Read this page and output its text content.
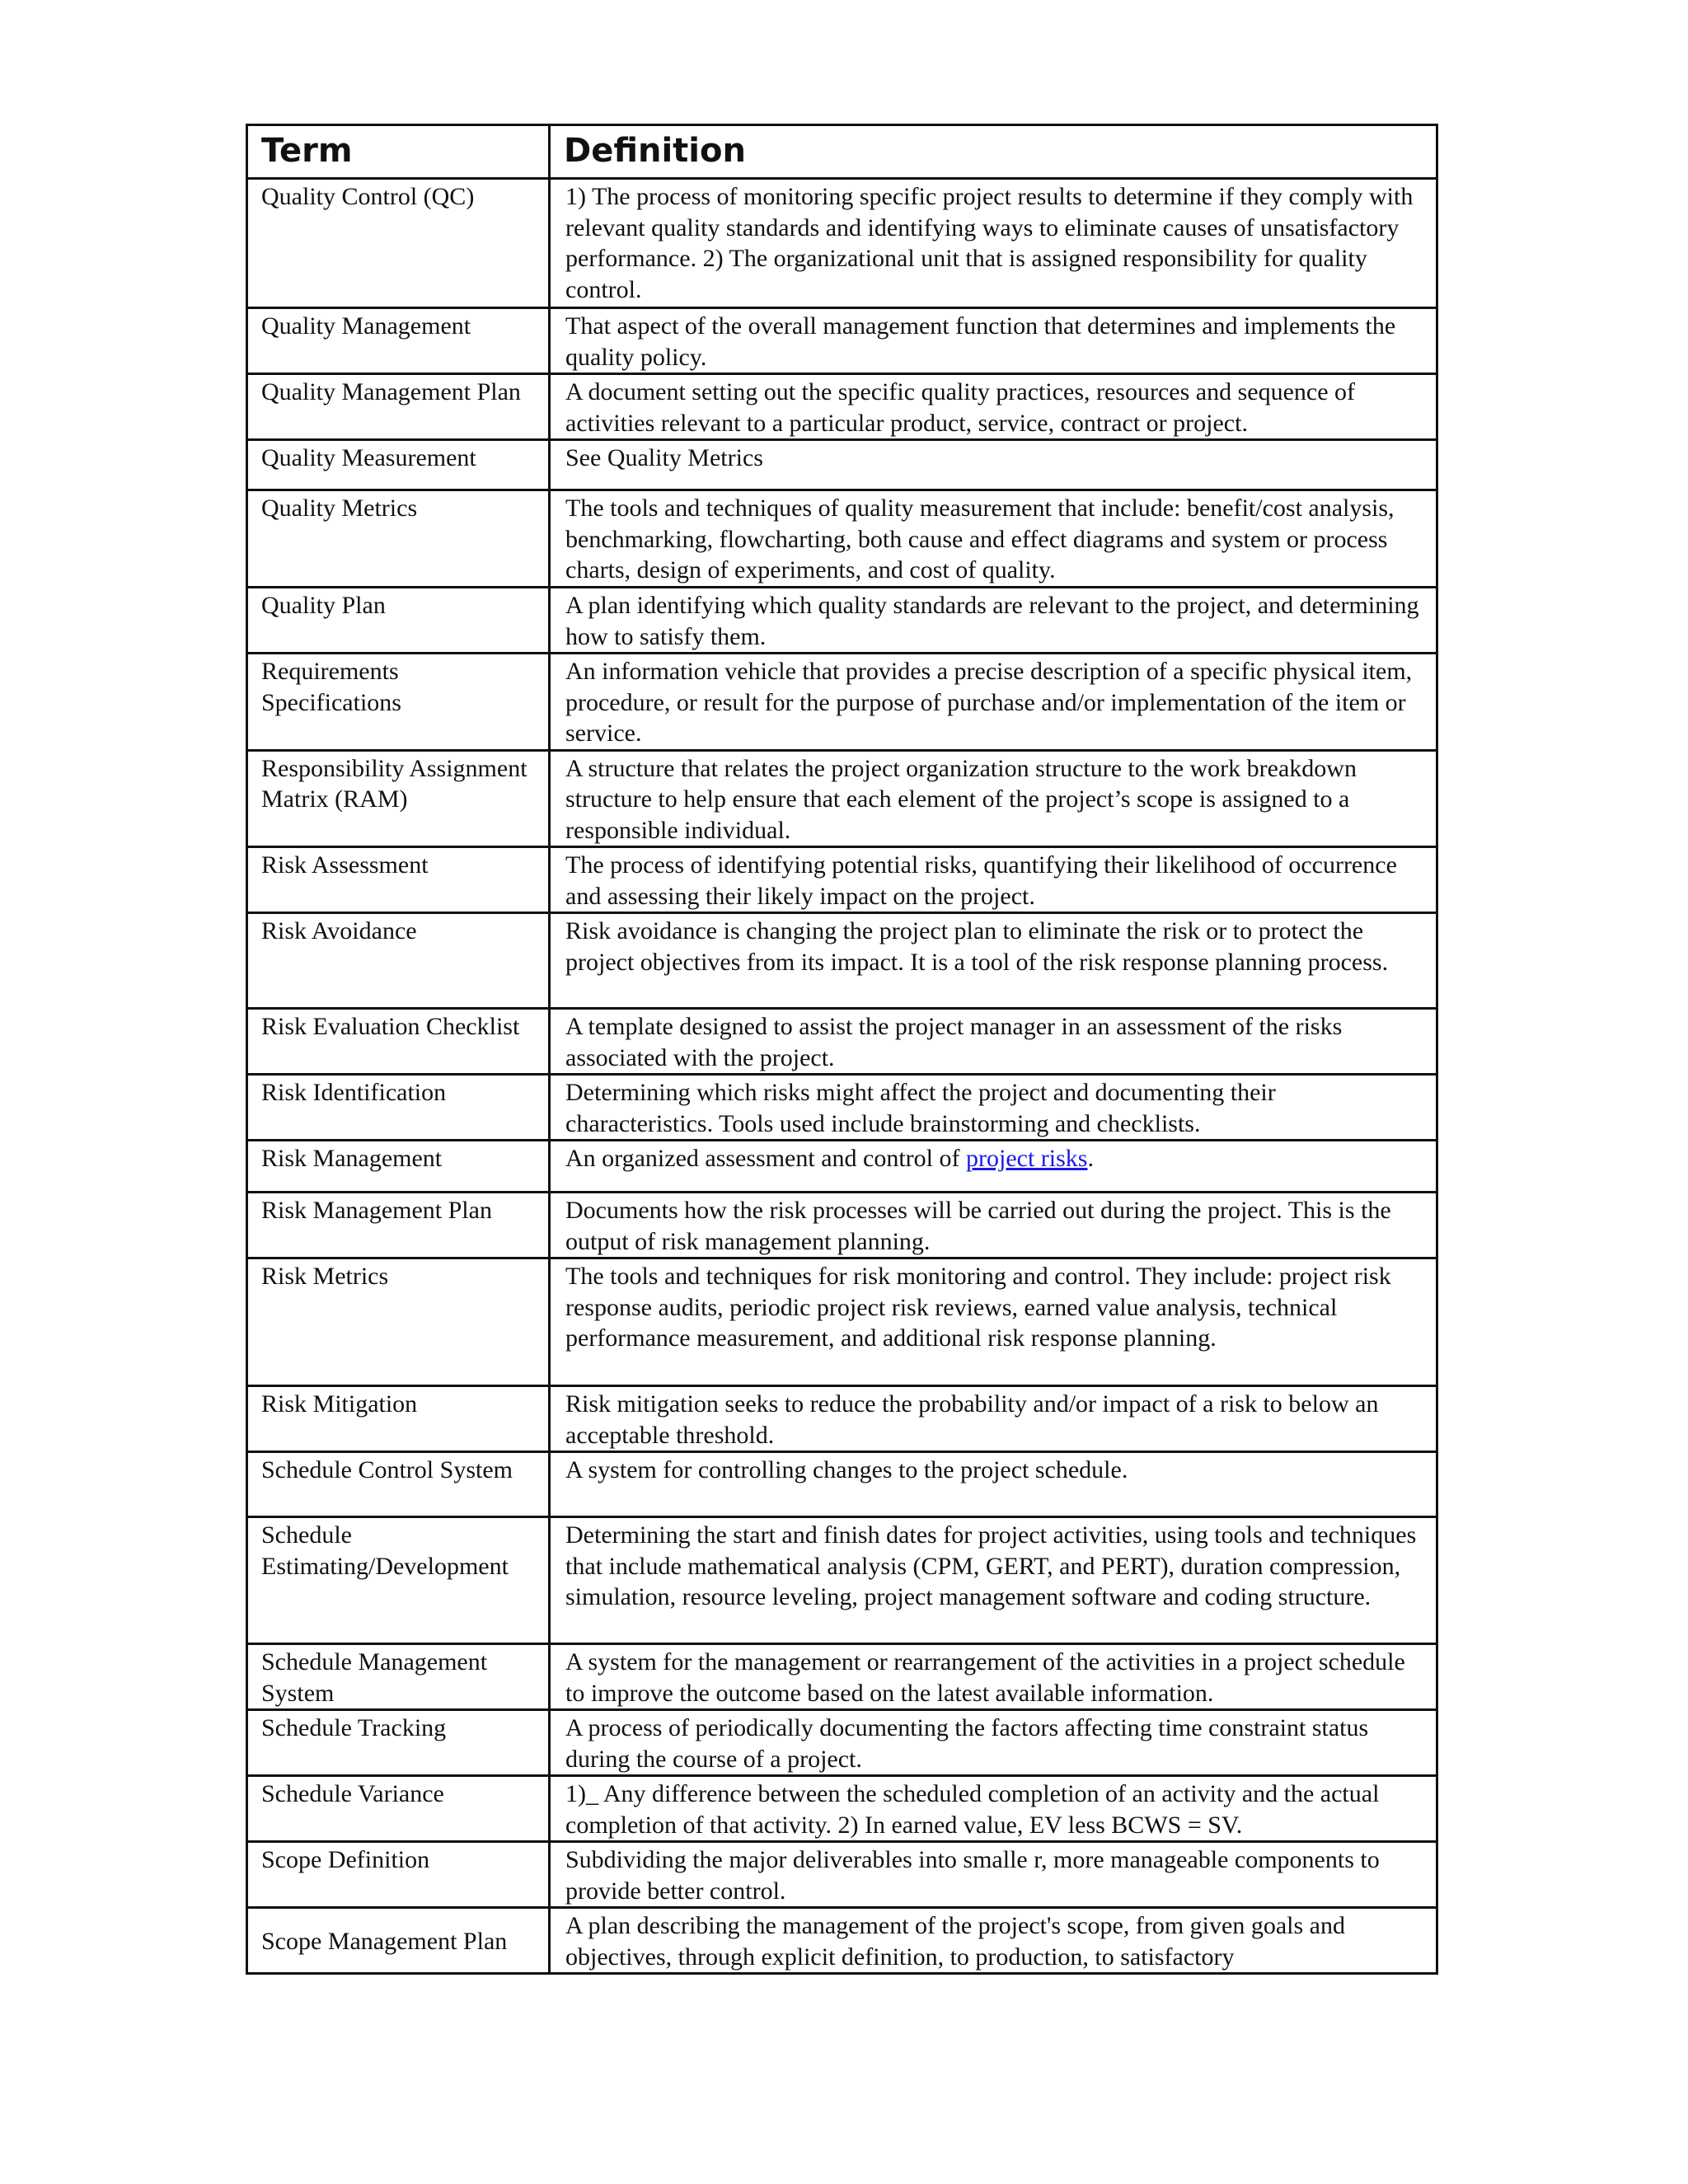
Term	Definition
Quality Control (QC)	1) The process of monitoring specific project results to determine if they comply with relevant quality standards and identifying ways to eliminate causes of unsatisfactory performance. 2) The organizational unit that is assigned responsibility for quality control.
Quality Management	That aspect of the overall management function that determines and implements the quality policy.
Quality Management Plan	A document setting out the specific quality practices, resources and sequence of activities relevant to a particular product, service, contract or project.
Quality Measurement	See Quality Metrics
Quality Metrics	The tools and techniques of quality measurement that include: benefit/cost analysis, benchmarking, flowcharting, both cause and effect diagrams and system or process charts, design of experiments, and cost of quality.
Quality Plan	A plan identifying which quality standards are relevant to the project, and determining how to satisfy them.
Requirements Specifications	An information vehicle that provides a precise description of a specific physical item, procedure, or result for the purpose of purchase and/or implementation of the item or service.
Responsibility Assignment Matrix (RAM)	A structure that relates the project organization structure to the work breakdown structure to help ensure that each element of the project’s scope is assigned to a responsible individual.
Risk Assessment	The process of identifying potential risks, quantifying their likelihood of occurrence and assessing their likely impact on the project.
Risk Avoidance	Risk avoidance is changing the project plan to eliminate the risk or to protect the project objectives from its impact. It is a tool of the risk response planning process.
Risk Evaluation Checklist	A template designed to assist the project manager in an assessment of the risks associated with the project.
Risk Identification	Determining which risks might affect the project and documenting their characteristics. Tools used include brainstorming and checklists.
Risk Management	An organized assessment and control of project risks.
Risk Management Plan	Documents how the risk processes will be carried out during the project. This is the output of risk management planning.
Risk Metrics	The tools and techniques for risk monitoring and control. They include: project risk response audits, periodic project risk reviews, earned value analysis, technical performance measurement, and additional risk response planning.
Risk Mitigation	Risk mitigation seeks to reduce the probability and/or impact of a risk to below an acceptable threshold.
Schedule Control System	A system for controlling changes to the project schedule.
Schedule Estimating/Development	Determining the start and finish dates for project activities, using tools and techniques that include mathematical analysis (CPM, GERT, and PERT), duration compression, simulation, resource leveling, project management software and coding structure.
Schedule Management System	A system for the management or rearrangement of the activities in a project schedule to improve the outcome based on the latest available information.
Schedule Tracking	A process of periodically documenting the factors affecting time constraint status during the course of a project.
Schedule Variance	1)_ Any difference between the scheduled completion of an activity and the actual completion of that activity. 2) In earned value, EV less BCWS = SV.
Scope Definition	Subdividing the major deliverables into smalle r, more manageable components to provide better control.
Scope Management Plan	A plan describing the management of the project's scope, from given goals and objectives, through explicit definition, to production, to satisfactory
